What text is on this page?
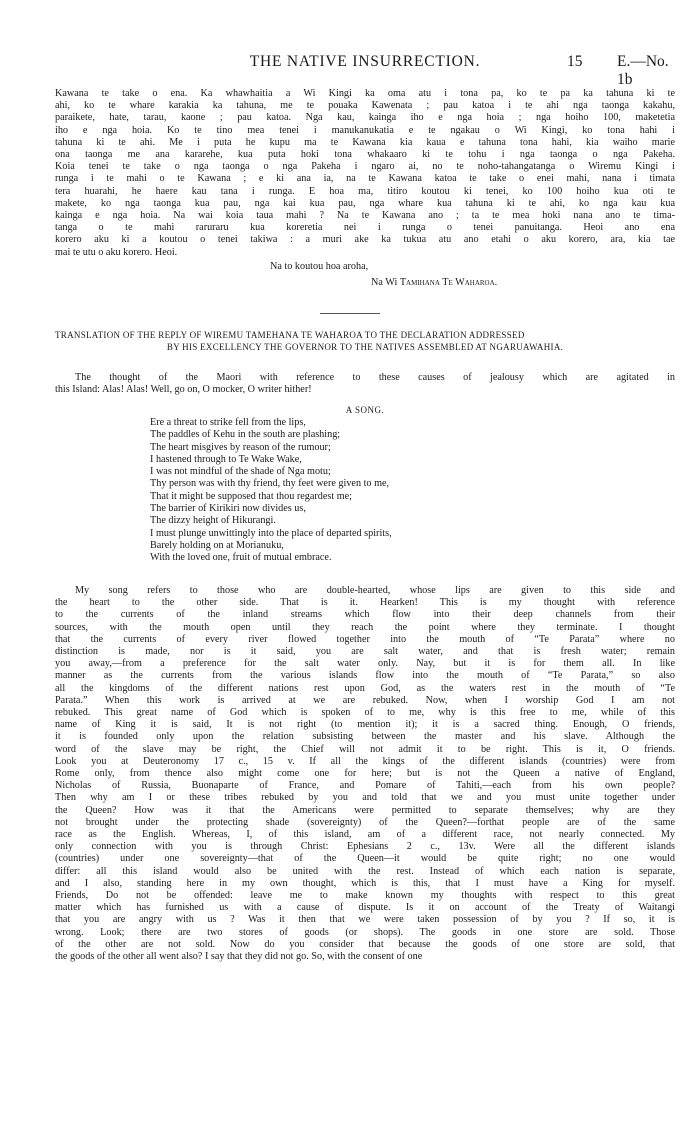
THE NATIVE INSURRECTION.	15 E.—No. 1b
Kawana te take o ena. Ka whawhaitia a Wi Kingi ka oma atu i tona pa, ko te pa ka tahuna ki te
ahi, ko te whare karakia ka tahuna, me te pouaka Kawenata ; pau katoa i te ahi nga taonga kakahu,
paraikete, hate, tarau, kaone ; pau katoa. Nga kau, kainga iho e nga hoia ; nga hoiho 100, maketetia
iho e nga hoia. Ko te tino mea tenei i manukanukatia e te ngakau o Wi Kingi, ko tona hahi i
tahuna ki te ahi. Me i puta he kupu ma te Kawana kia kaua e tahuna tona hahi, kia waiho marie
ona taonga me ana kararehe, kua puta hoki tona whakaaro ki te tohu i nga taonga o nga Pakeha.
Koia tenei te take o nga taonga o nga Pakeha i ngaro ai, no te noho-tahangatanga o Wiremu Kingi i
runga i te mahi o te Kawana ; e ki ana ia, na te Kawana katoa te take o enei mahi, nana i timata
tera huarahi, he haere kau tana i runga. E hoa ma, titiro koutou ki tenei, ko 100 hoiho kua oti te
makete, ko nga taonga kua pau, nga kai kua pau, nga whare kua tahuna ki te ahi, ko nga kau kua
kainga e nga hoia. Na wai koia taua mahi ? Na te Kawana ano ; ta te mea hoki nana ano te tima-
tanga o te mahi raruraru kua koreretia nei i runga o tenei panuitanga. Heoi ano ena
korero aku ki a koutou o tenei takiwa : a muri ake ka tukua atu ano etahi o aku korero, ara, kia tae
mai te utu o aku korero. Heoi.
Na to koutou hoa aroha,
Na Wi Tamihana Te Waharoa.
TRANSLATION OF THE REPLY OF WIREMU TAMEHANA TE WAHAROA TO THE DECLARATION ADDRESSED
BY HIS EXCELLENCY THE GOVERNOR TO THE NATIVES ASSEMBLED AT NGARUAWAHIA.
The thought of the Maori with reference to these causes of jealousy which are agitated in
this Island: Alas! Alas! Well, go on, O mocker, O writer hither!
A SONG.
Ere a threat to strike fell from the lips,
The paddles of Kehu in the south are plashing;
The heart misgives by reason of the rumour;
I hastened through to Te Wake Wake,
I was not mindful of the shade of Nga motu;
Thy person was with thy friend, thy feet were given to me,
That it might be supposed that thou regardest me;
The barrier of Kirikiri now divides us,
The dizzy height of Hikurangi.
I must plunge unwittingly into the place of departed spirits,
Barely holding on at Morianuku,
With the loved one, fruit of mutual embrace.
My song refers to those who are double-hearted, whose lips are given to this side and
the heart to the other side. That is it. Hearken! This is my thought with reference
to the currents of the inland streams which flow into their deep channels from their
sources, with the mouth open until they reach the point where they terminate. I thought
that the currents of every river flowed together into the mouth of “Te Parata” where no
distinction is made, nor is it said, you are salt water, and that is fresh water; remain
you away,—from a preference for the salt water only. Nay, but it is for them all. In like
manner as the currents from the various islands flow into the mouth of “Te Parata,” so also
all the kingdoms of the different nations rest upon God, as the waters rest in the mouth of “Te
Parata.” When this work is arrived at we are rebuked. Now, when I worship God I am not
rebuked. This great name of God which is spoken of to me, why is this free to me, while of this
name of King it is said, It is not right (to mention it); it is a sacred thing. Enough, O friends,
it is founded only upon the relation subsisting between the master and his slave. Although the
word of the slave may be right, the Chief will not admit it to be right. This is it, O friends.
Look you at Deuteronomy 17 c., 15 v. If all the kings of the different islands (countries) were from
Rome only, from thence also might come one for here; but is not the Queen a native of England,
Nicholas of Russia, Buonaparte of France, and Pomare of Tahiti,—each from his own people?
Then why am I or these tribes rebuked by you and told that we and you must unite together under
the Queen? How was it that the Americans were permitted to separate themselves; why are they
not brought under the protecting shade (sovereignty) of the Queen?—forthat people are of the same
race as the English. Whereas, I, of this island, am of a different race, not nearly connected. My
only connection with you is through Christ: Ephesians 2 c., 13v. Were all the different islands
(countries) under one sovereignty—that of the Queen—it would be quite right; no one would
differ: all this island would also be united with the rest. Instead of which each nation is separate,
and I also, standing here in my own thought, which is this, that I must have a King for myself.
Friends, Do not be offended: leave me to make known my thoughts with respect to this great
matter which has furnished us with a cause of dispute. Is it on account of the Treaty of Waitangi
that you are angry with us ? Was it then that we were taken possession of by you ? If so, it is
wrong. Look; there are two stores of goods (or shops). The goods in one store are sold. Those
of the other are not sold. Now do you consider that because the goods of one store are sold, that
the goods of the other all went also? I say that they did not go. So, with the consent of one
